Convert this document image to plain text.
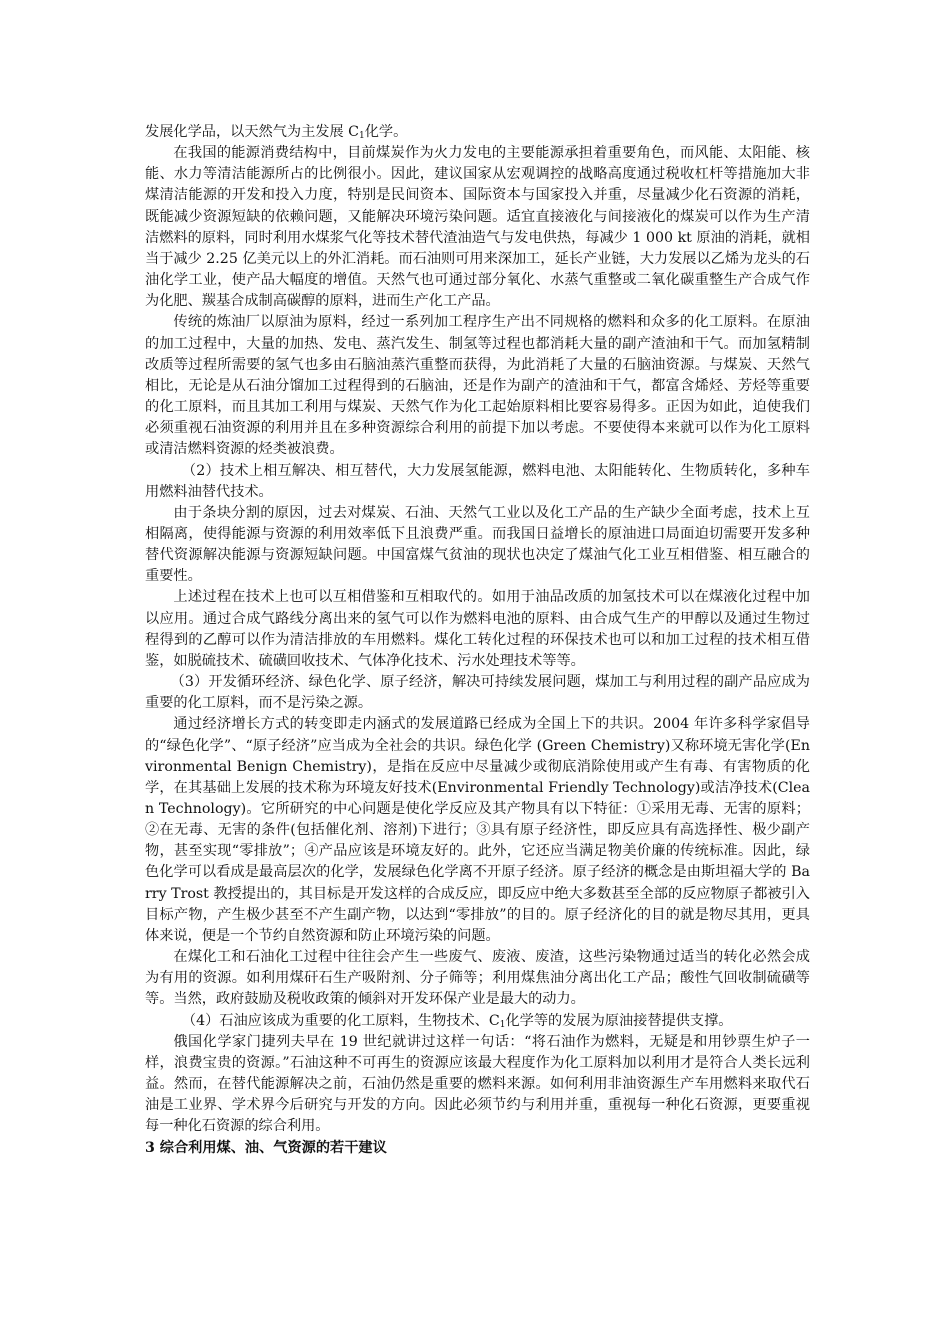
发展化学品，以天然气为主发展 $C_1$化学。

在我国的能源消费结构中，目前煤炭作为火力发电的主要能源承担着重要角色，而风能、太阳能、核能、水力等清洁能源所占的比例很小。因此，建议国家从宏观调控的战略高度通过税收杠杆等措施加大非煤清洁能源的开发和投入力度，特别是民间资本、国际资本与国家投入并重，尽量减少化石资源的消耗，既能减少资源短缺的依赖问题，又能解决环境污染问题。适宜直接液化与间接液化的煤炭可以作为生产清洁燃料的原料，同时利用水煤浆气化等技术替代渣油造气与发电供热，每减少 1 000 kt 原油的消耗，就相当于减少 2.25 亿美元以上的外汇消耗。而石油则可用来深加工，延长产业链，大力发展以乙烯为龙头的石油化学工业，使产品大幅度的增值。天然气也可通过部分氧化、水蒸气重整或二氧化碳重整生产合成气作为化肥、羰基合成制高碳醇的原料，进而生产化工产品。

传统的炼油厂以原油为原料，经过一系列加工程序生产出不同规格的燃料和众多的化工原料。在原油的加工过程中，大量的加热、发电、蒸汽发生、制氢等过程也都消耗大量的副产渣油和干气。而加氢精制改质等过程所需要的氢气也多由石脑油蒸汽重整而获得，为此消耗了大量的石脑油资源。与煤炭、天然气相比，无论是从石油分馏加工过程得到的石脑油，还是作为副产的渣油和干气，都富含烯烃、芳烃等重要的化工原料，而且其加工利用与煤炭、天然气作为化工起始原料相比要容易得多。正因为如此，迫使我们必须重视石油资源的利用并且在多种资源综合利用的前提下加以考虑。不要使得本来就可以作为化工原料或清洁燃料资源的烃类被浪费。

（2）技术上相互解决、相互替代，大力发展氢能源，燃料电池、太阳能转化、生物质转化，多种车用燃料油替代技术。

由于条块分割的原因，过去对煤炭、石油、天然气工业以及化工产品的生产缺少全面考虑，技术上互相隔离，使得能源与资源的利用效率低下且浪费严重。而我国日益增长的原油进口局面迫切需要开发多种替代资源解决能源与资源短缺问题。中国富煤气贫油的现状也决定了煤油气化工业互相借鉴、相互融合的重要性。

上述过程在技术上也可以互相借鉴和互相取代的。如用于油品改质的加氢技术可以在煤液化过程中加以应用。通过合成气路线分离出来的氢气可以作为燃料电池的原料、由合成气生产的甲醇以及通过生物过程得到的乙醇可以作为清洁排放的车用燃料。煤化工转化过程的环保技术也可以和加工过程的技术相互借鉴，如脱硫技术、硫磺回收技术、气体净化技术、污水处理技术等等。

（3）开发循环经济、绿色化学、原子经济，解决可持续发展问题，煤加工与利用过程的副产品应成为重要的化工原料，而不是污染之源。

通过经济增长方式的转变即走内涵式的发展道路已经成为全国上下的共识。2004 年许多科学家倡导的“绿色化学”、“原子经济”应当成为全社会的共识。绿色化学 (Green Chemistry)又称环境无害化学(Environmental Benign Chemistry)，是指在反应中尽量减少或彻底消除使用或产生有毒、有害物质的化学，在其基础上发展的技术称为环境友好技术(Environmental Friendly Technology)或洁净技术(Clean Technology)。它所研究的中心问题是使化学反应及其产物具有以下特征：①采用无毒、无害的原料；②在无毒、无害的条件(包括催化剂、溶剂)下进行；③具有原子经济性，即反应具有高选择性、极少副产物，甚至实现“零排放”；④产品应该是环境友好的。此外，它还应当满足物美价廉的传统标准。因此，绿色化学可以看成是最高层次的化学，发展绿色化学离不开原子经济。原子经济的概念是由斯坦福大学的 Barry Trost 教授提出的，其目标是开发这样的合成反应，即反应中绝大多数甚至全部的反应物原子都被引入目标产物，产生极少甚至不产生副产物，以达到“零排放”的目的。原子经济化的目的就是物尽其用，更具体来说，便是一个节约自然资源和防止环境污染的问题。

在煤化工和石油化工过程中往往会产生一些废气、废液、废渣，这些污染物通过适当的转化必然会成为有用的资源。如利用煤矸石生产吸附剂、分子筛等；利用煤焦油分离出化工产品；酸性气回收制硫磺等等。当然，政府鼓励及税收政策的倾斜对开发环保产业是最大的动力。

（4）石油应该成为重要的化工原料，生物技术、$C_1$化学等的发展为原油接替提供支撑。

俄国化学家门捷列夫早在 19 世纪就讲过这样一句话：“将石油作为燃料，无疑是和用钞票生炉子一样，浪费宝贵的资源。”石油这种不可再生的资源应该最大程度作为化工原料加以利用才是符合人类长远利益。然而，在替代能源解决之前，石油仍然是重要的燃料来源。如何利用非油资源生产车用燃料来取代石油是工业界、学术界今后研究与开发的方向。因此必须节约与利用并重，重视每一种化石资源，更要重视每一种化石资源的综合利用。

3 综合利用煤、油、气资源的若干建议
